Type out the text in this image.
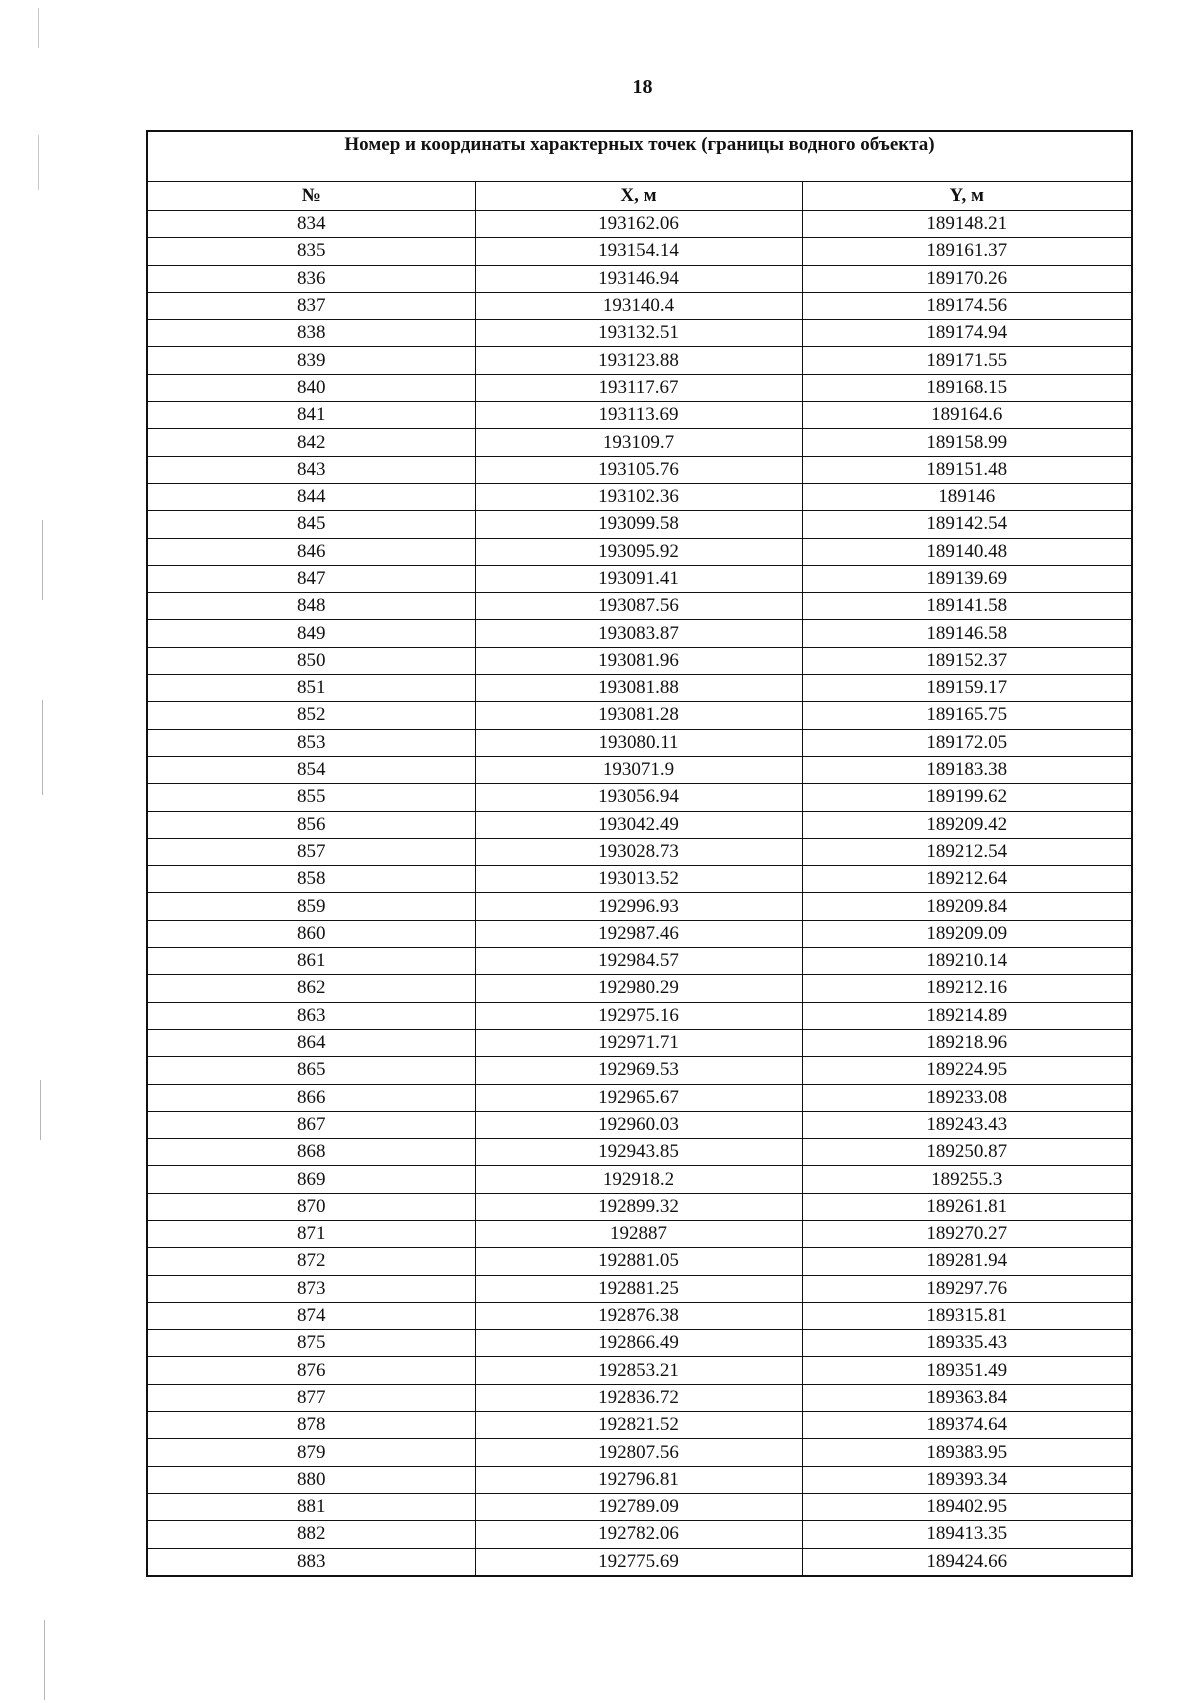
18
Номер и координаты характерных точек (границы водного объекта)		
№	X, м	Y, м
834	193162.06	189148.21
835	193154.14	189161.37
836	193146.94	189170.26
837	193140.4	189174.56
838	193132.51	189174.94
839	193123.88	189171.55
840	193117.67	189168.15
841	193113.69	189164.6
842	193109.7	189158.99
843	193105.76	189151.48
844	193102.36	189146
845	193099.58	189142.54
846	193095.92	189140.48
847	193091.41	189139.69
848	193087.56	189141.58
849	193083.87	189146.58
850	193081.96	189152.37
851	193081.88	189159.17
852	193081.28	189165.75
853	193080.11	189172.05
854	193071.9	189183.38
855	193056.94	189199.62
856	193042.49	189209.42
857	193028.73	189212.54
858	193013.52	189212.64
859	192996.93	189209.84
860	192987.46	189209.09
861	192984.57	189210.14
862	192980.29	189212.16
863	192975.16	189214.89
864	192971.71	189218.96
865	192969.53	189224.95
866	192965.67	189233.08
867	192960.03	189243.43
868	192943.85	189250.87
869	192918.2	189255.3
870	192899.32	189261.81
871	192887	189270.27
872	192881.05	189281.94
873	192881.25	189297.76
874	192876.38	189315.81
875	192866.49	189335.43
876	192853.21	189351.49
877	192836.72	189363.84
878	192821.52	189374.64
879	192807.56	189383.95
880	192796.81	189393.34
881	192789.09	189402.95
882	192782.06	189413.35
883	192775.69	189424.66
